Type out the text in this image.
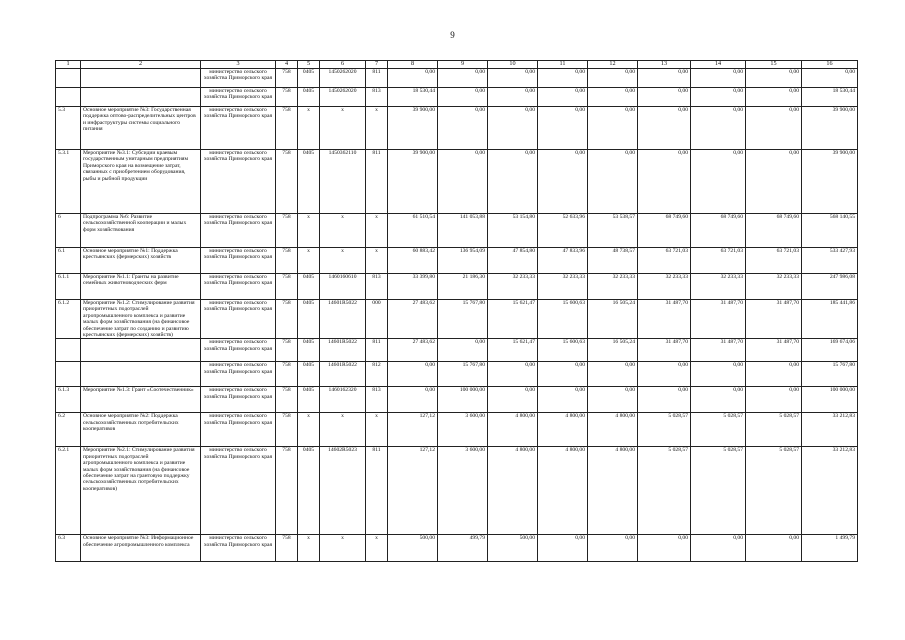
9
1	2	3	4	5	6	7	8	9	10	11	12	13	14	15	16
		министерство сельского хозяйства Приморского края	758	0405	1450262020	811	0,00	0,00	0,00	0,00	0,00	0,00	0,00	0,00	0,00
		министерство сельского хозяйства Приморского края	758	0405	1450262020	813	18 530,44	0,00	0,00	0,00	0,00	0,00	0,00	0,00	18 530,44
5.3	Основное мероприятие №3: Государственная поддержка оптово-распределительных центров и инфраструктуры системы социального питания	министерство сельского хозяйства Приморского края	758	x	x	x	39 900,00	0,00	0,00	0,00	0,00	0,00	0,00	0,00	39 900,00
5.3.1	Мероприятие №3.1: Субсидии краевым государственным унитарным предприятиям Приморского края на возмещение затрат, связанных с приобретением оборудования, рыбы и рыбной продукции	министерство сельского хозяйства Приморского края	758	0405	1450362110	811	39 900,00	0,00	0,00	0,00	0,00	0,00	0,00	0,00	39 900,00
6	Подпрограмма №6: Развитие сельскохозяйственной кооперации и малых форм хозяйствования	министерство сельского хозяйства Приморского края	758	x	x	x	61 510,54	141 053,88	53 154,80	52 633,96	53 538,57	68 749,60	68 749,60	68 749,60	568 140,55
6.1	Основное мероприятие №1: Поддержка крестьянских (фермерских) хозяйств	министерство сельского хозяйства Приморского края	758	x	x	x	60 883,42	136 954,09	47 854,80	47 833,96	48 738,57	63 721,03	63 721,03	63 721,03	533 427,93
6.1.1	Мероприятие №1.1: Гранты на развитие семейных животноводческих ферм	министерство сельского хозяйства Приморского края	758	0405	1460160610	813	33 399,80	21 186,30	32 233,33	32 233,33	32 233,33	32 233,33	32 233,33	32 233,33	247 986,08
6.1.2	Мероприятие №1.2: Стимулирование развития приоритетных подотраслей агропромышленного комплекса и развитие малых форм хозяйствования (на финансовое обеспечение затрат по созданию и развитию крестьянских (фермерских) хозяйств)	министерство сельского хозяйства Приморского края	758	0405	14601R5022	000	27 483,62	15 767,80	15 621,47	15 600,63	16 505,24	31 487,70	31 487,70	31 487,70	185 441,86
		министерство сельского хозяйства Приморского края	758	0405	14601R5022	811	27 483,62	0,00	15 621,47	15 600,63	16 505,24	31 487,70	31 487,70	31 487,70	169 674,06
		министерство сельского хозяйства Приморского края	758	0405	14601R5022	812	0,00	15 767,80	0,00	0,00	0,00	0,00	0,00	0,00	15 767,80
6.1.3	Мероприятие №1.3: Грант «Соотечественник»	министерство сельского хозяйства Приморского края	758	0405	1460162320	813	0,00	100 000,00	0,00	0,00	0,00	0,00	0,00	0,00	100 000,00
6.2	Основное мероприятие №2: Поддержка сельскохозяйственных потребительских кооперативов	министерство сельского хозяйства Приморского края	758	x	x	x	127,12	3 600,00	4 800,00	4 800,00	4 800,00	5 028,57	5 028,57	5 028,57	33 212,83
6.2.1	Мероприятие №2.1: Стимулирование развития приоритетных подотраслей агропромышленного комплекса и развитие малых форм хозяйствования (на финансовое обеспечение затрат на грантовую поддержку сельскохозяйственных потребительских кооперативов)	министерство сельского хозяйства Приморского края	758	0405	14602R5023	811	127,12	3 600,00	4 800,00	4 800,00	4 800,00	5 028,57	5 028,57	5 028,57	33 212,83
6.3	Основное мероприятие №3: Информационное обеспечение агропромышленного комплекса	министерство сельского хозяйства Приморского края	758	x	x	x	500,00	499,79	500,00	0,00	0,00	0,00	0,00	0,00	1 499,79
